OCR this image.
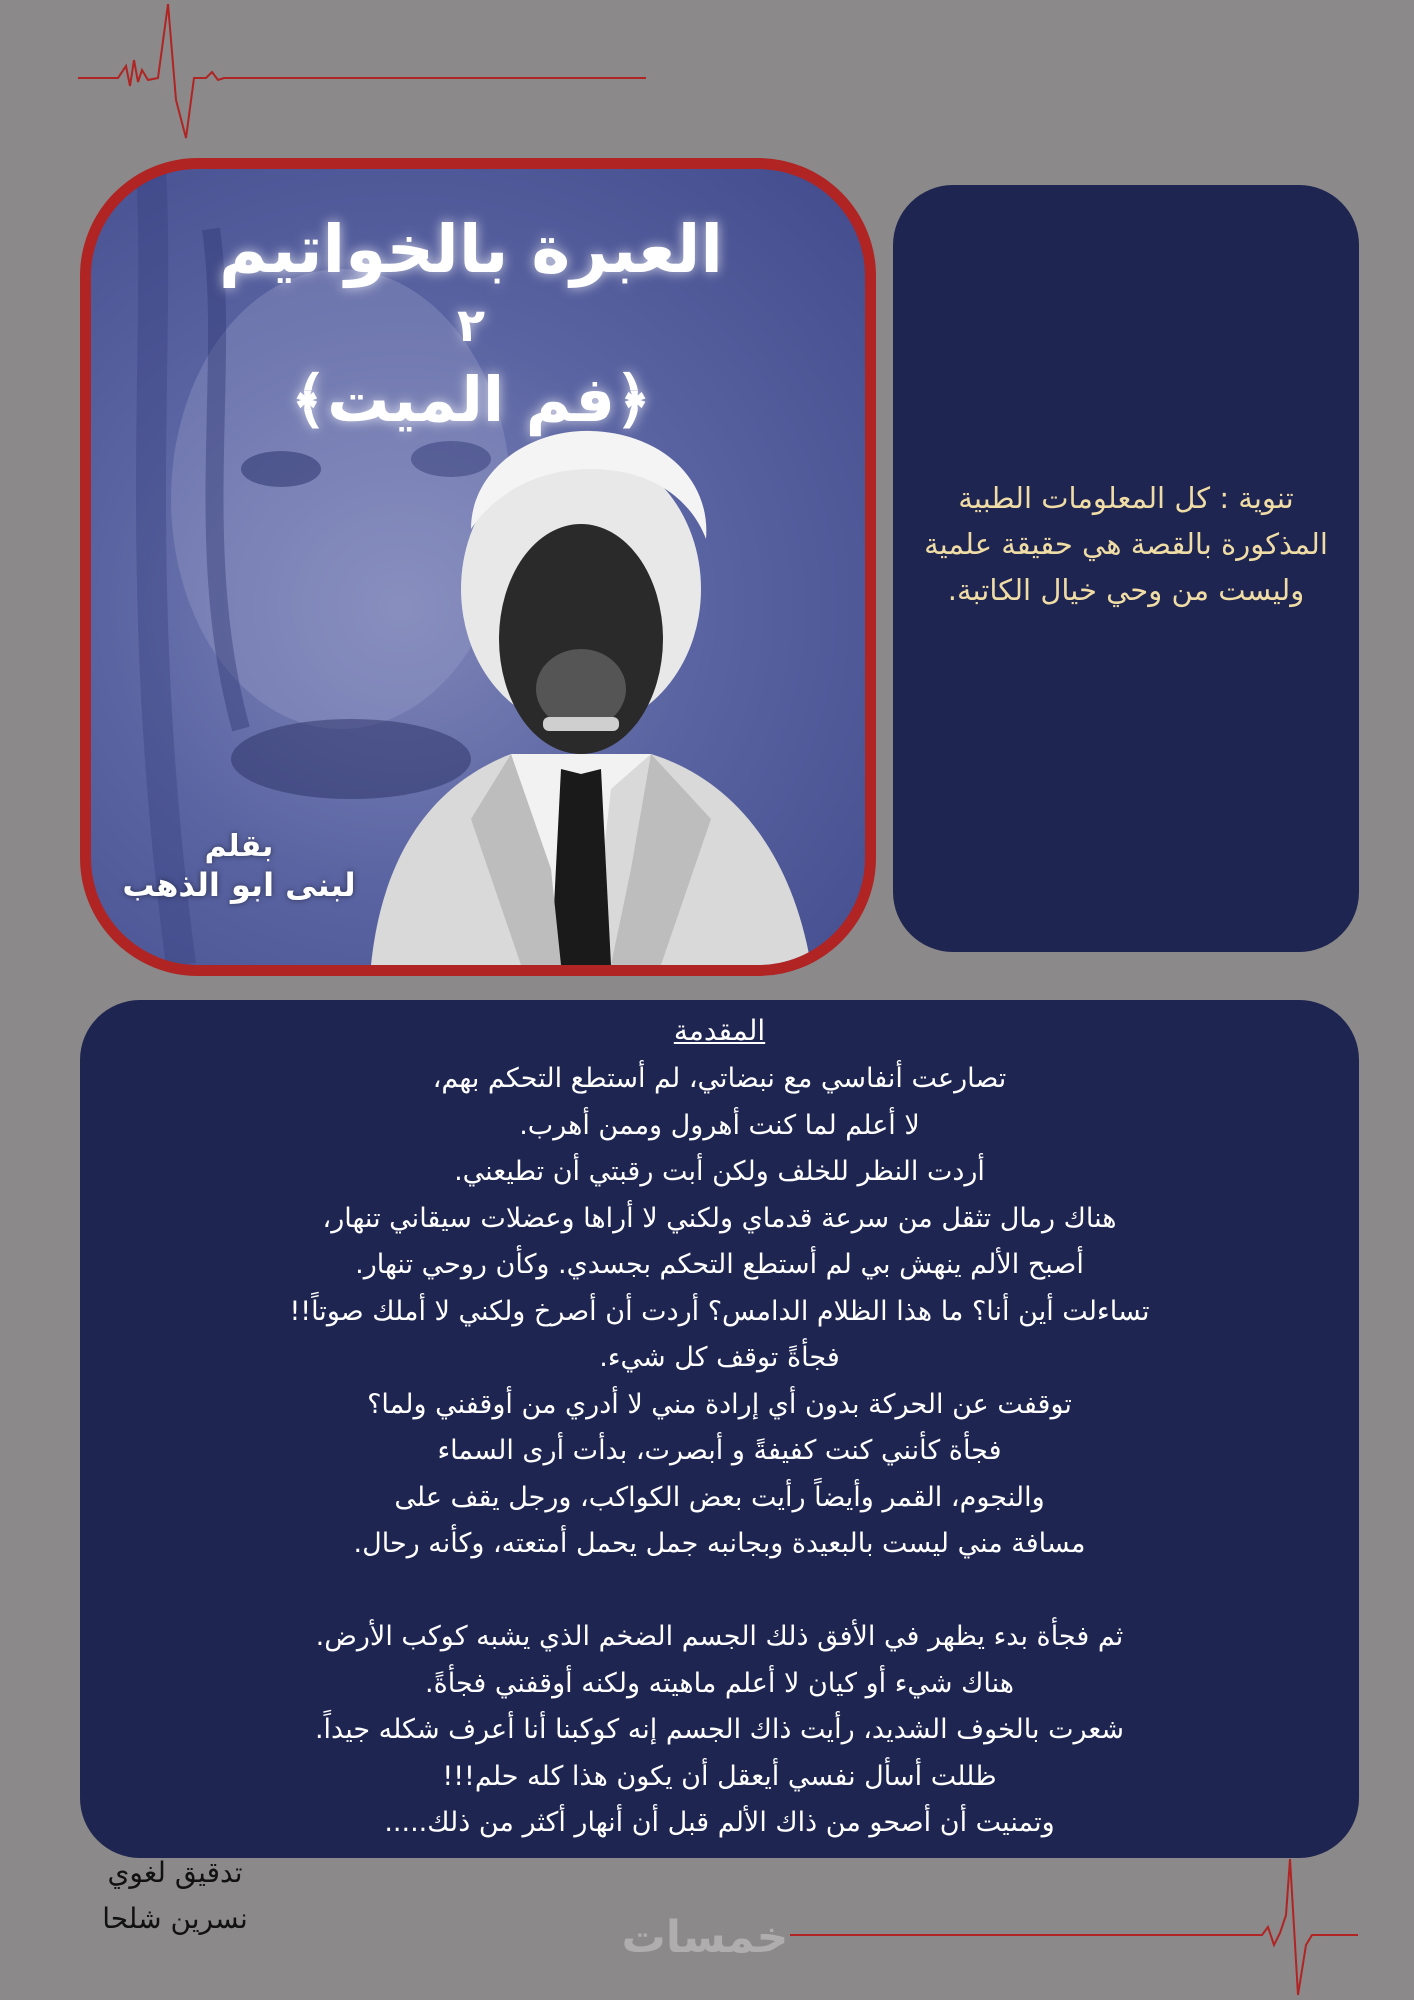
العبرة بالخواتيم
٢
﴿فم الميت﴾
بقلم
لبنى ابو الذهب
تنوية : كل المعلومات الطبية المذكورة بالقصة هي حقيقة علمية وليست من وحي خيال الكاتبة.
المقدمة
تصارعت أنفاسي مع نبضاتي، لم أستطع التحكم بهم،
لا أعلم لما كنت أهرول وممن أهرب.
أردت النظر للخلف ولكن أبت رقبتي أن تطيعني.
هناك رمال تثقل من سرعة قدماي ولكني لا أراها وعضلات سيقاني تنهار،
أصبح الألم ينهش بي لم أستطع التحكم بجسدي. وكأن روحي تنهار.
تساءلت أين أنا؟ ما هذا الظلام الدامس؟ أردت أن أصرخ ولكني لا أملك صوتاً!!
فجأةً توقف كل شيء.
توقفت عن الحركة بدون أي إرادة مني لا أدري من أوقفني ولما؟
فجأة كأنني كنت كفيفةً و أبصرت، بدأت أرى السماء
والنجوم، القمر وأيضاً رأيت بعض الكواكب، ورجل يقف على
مسافة مني ليست بالبعيدة وبجانبه جمل يحمل أمتعته، وكأنه رحال.
ثم فجأة بدء يظهر في الأفق ذلك الجسم الضخم الذي يشبه كوكب الأرض.
هناك شيء أو كيان لا أعلم ماهيته ولكنه أوقفني فجأةً.
شعرت بالخوف الشديد، رأيت ذاك الجسم إنه كوكبنا أنا أعرف شكله جيداً.
ظللت أسأل نفسي أيعقل أن يكون هذا كله حلم!!!
وتمنيت أن أصحو من ذاك الألم قبل أن أنهار أكثر من ذلك.....
تدقيق لغوي
نسرين شلحا	خمسات
